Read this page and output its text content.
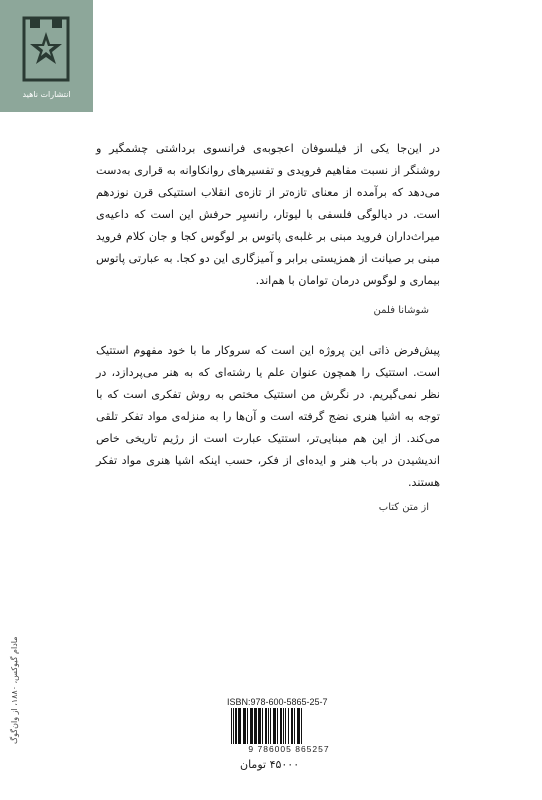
انتشارات ناهید
در این‌جا یکی از فیلسوفان اعجوبه‌ی فرانسوی برداشتی چشمگیر و روشنگر از نسبت مفاهیم فرویدی و تفسیرهای روانکاوانه به قراری به‌دست می‌دهد که برآمده از معنای تازه‌تر از تازه‌ی انقلاب استتیکی قرن نوزدهم است. در دیالوگی فلسفی با لیوتار، رانسیِر حرفش این است که داعیه‌ی میراث‌داران فروید مبنی بر غلبه‌ی پاتوس بر لوگوس کجا و جان کلام فروید مبنی بر صیانت از همزیستی برابر و آمیزگاری این دو کجا. به عبارتی پاتوس بیماری و لوگوس درمان توامان با هم‌اند.
شوشانا فلمن
پیش‌فرض ذاتی این پروژه این است که سروکار ما با خود مفهوم استتیک است. استتیک را همچون عنوان علم یا رشته‌ای که به هنر می‌پردازد، در نظر نمی‌گیریم. در نگرش من استتیک مختص به روش تفکری است که با توجه به اشیا هنری نضج گرفته است و آن‌ها را به منزله‌ی مواد تفکر تلقی می‌کند. از این هم مبنایی‌تر، استتیک عبارت است از رژیم تاریخی خاص اندیشیدن در باب هنر و ایده‌ای از فکر، حسب اینکه اشیا هنری مواد تفکر هستند.
از متن کتاب
مادام گیوکس، ۱۸۸۰، از وان‌گوگ
ISBN:978-600-5865-25-7
9 786005 865257
۴۵۰۰۰ تومان
